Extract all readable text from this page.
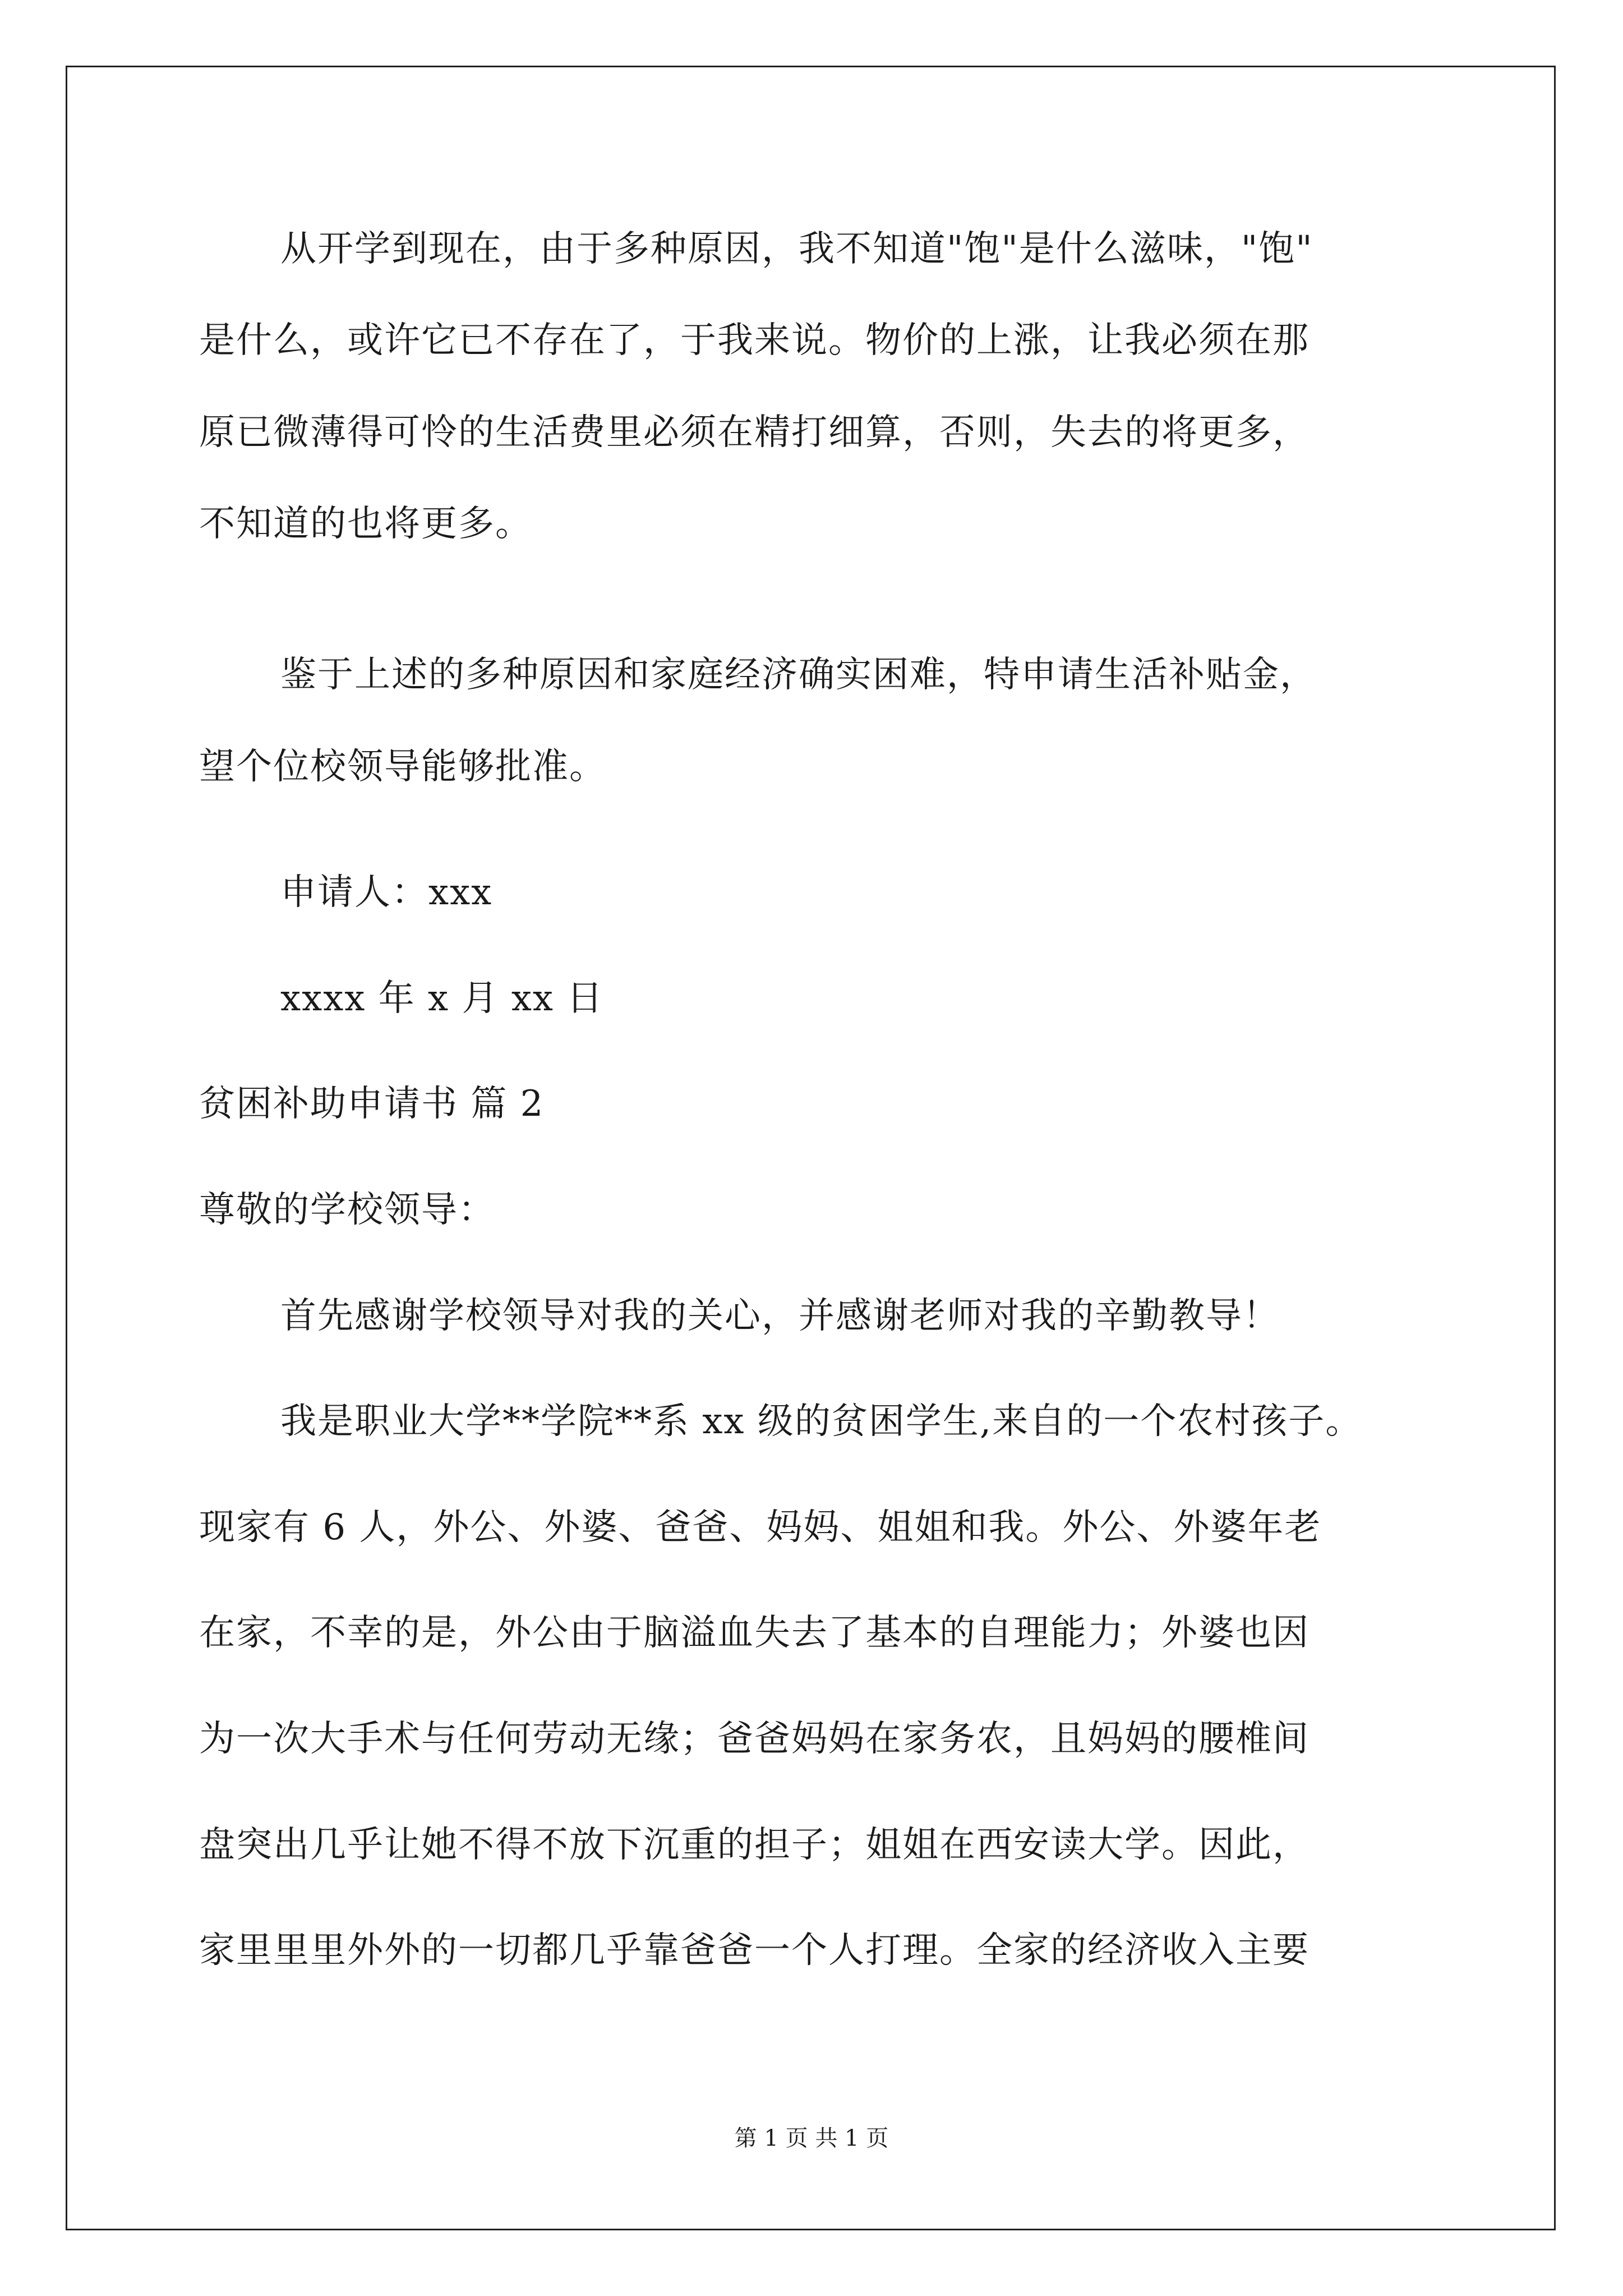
从开学到现在，由于多种原因，我不知道"饱"是什么滋味，"饱"

是什么，或许它已不存在了，于我来说。物价的上涨，让我必须在那

原已微薄得可怜的生活费里必须在精打细算，否则，失去的将更多，

不知道的也将更多。

鉴于上述的多种原因和家庭经济确实困难，特申请生活补贴金，

望个位校领导能够批准。

申请人：xxx

xxxx 年 x 月 xx 日

贫困补助申请书 篇 2

尊敬的学校领导：

首先感谢学校领导对我的关心，并感谢老师对我的辛勤教导！

我是职业大学**学院**系 xx 级的贫困学生,来自的一个农村孩子。

现家有 6 人，外公、外婆、爸爸、妈妈、姐姐和我。外公、外婆年老

在家，不幸的是，外公由于脑溢血失去了基本的自理能力；外婆也因

为一次大手术与任何劳动无缘；爸爸妈妈在家务农，且妈妈的腰椎间

盘突出几乎让她不得不放下沉重的担子；姐姐在西安读大学。因此，

家里里里外外的一切都几乎靠爸爸一个人打理。全家的经济收入主要

第 1 页 共 1 页
